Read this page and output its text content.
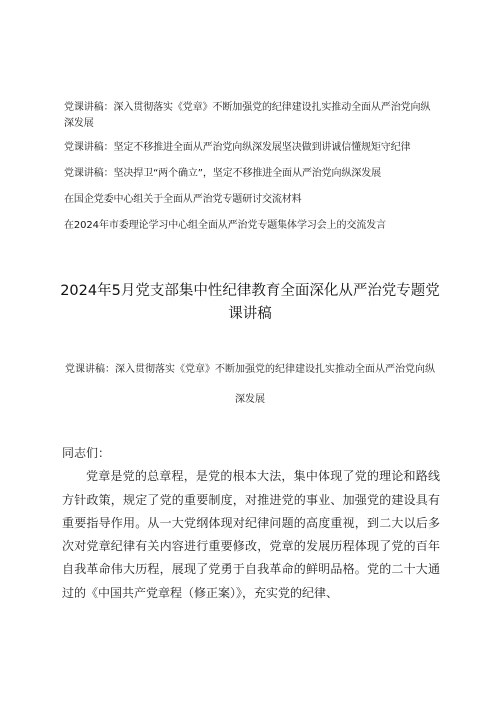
党课讲稿：深入贯彻落实《党章》不断加强党的纪律建设扎实推动全面从严治党向纵深发展
党课讲稿：坚定不移推进全面从严治党向纵深发展坚决做到讲诚信懂规矩守纪律
党课讲稿：坚决捍卫“两个确立”，坚定不移推进全面从严治党向纵深发展
在国企党委中心组关于全面从严治党专题研讨交流材料
在2024年市委理论学习中心组全面从严治党专题集体学习会上的交流发言
2024年5月党支部集中性纪律教育全面深化从严治党专题党课讲稿
党课讲稿：深入贯彻落实《党章》不断加强党的纪律建设扎实推动全面从严治党向纵
深发展
同志们：

党章是党的总章程，是党的根本大法，集中体现了党的理论和路线方针政策，规定了党的重要制度，对推进党的事业、加强党的建设具有重要指导作用。从一大党纲体现对纪律问题的高度重视，到二大以后多次对党章纪律有关内容进行重要修改，党章的发展历程体现了党的百年自我革命伟大历程，展现了党勇于自我革命的鲜明品格。党的二十大通过的《中国共产党章程（修正案）》，充实党的纪律、
